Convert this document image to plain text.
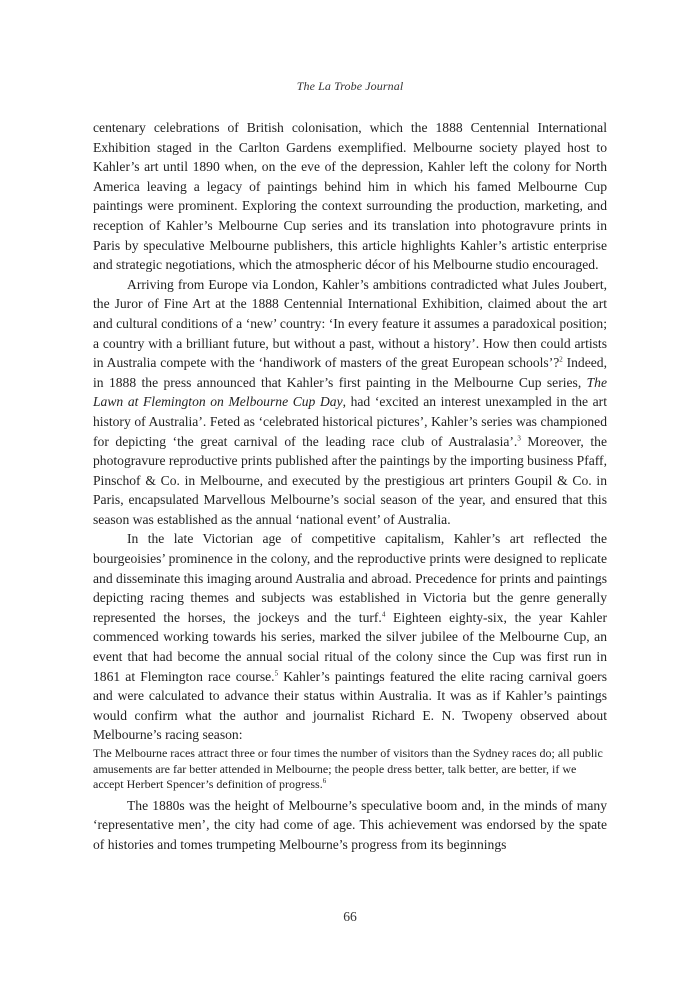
The La Trobe Journal

centenary celebrations of British colonisation, which the 1888 Centennial International Exhibition staged in the Carlton Gardens exemplified. Melbourne society played host to Kahler’s art until 1890 when, on the eve of the depression, Kahler left the colony for North America leaving a legacy of paintings behind him in which his famed Melbourne Cup paintings were prominent. Exploring the context surrounding the production, marketing, and reception of Kahler’s Melbourne Cup series and its translation into photogravure prints in Paris by speculative Melbourne publishers, this article highlights Kahler’s artistic enterprise and strategic negotiations, which the atmospheric décor of his Melbourne studio encouraged.

Arriving from Europe via London, Kahler’s ambitions contradicted what Jules Joubert, the Juror of Fine Art at the 1888 Centennial International Exhibition, claimed about the art and cultural conditions of a ‘new’ country: ‘In every feature it assumes a paradoxical position; a country with a brilliant future, but without a past, without a history’. How then could artists in Australia compete with the ‘handiwork of masters of the great European schools’?$^2$ Indeed, in 1888 the press announced that Kahler’s first painting in the Melbourne Cup series, The Lawn at Flemington on Melbourne Cup Day, had ‘excited an interest unexampled in the art history of Australia’. Feted as ‘celebrated historical pictures’, Kahler’s series was championed for depicting ‘the great carnival of the leading race club of Australasia’.$^3$ Moreover, the photogravure reproductive prints published after the paintings by the importing business Pfaff, Pinschof & Co. in Melbourne, and executed by the prestigious art printers Goupil & Co. in Paris, encapsulated Marvellous Melbourne’s social season of the year, and ensured that this season was established as the annual ‘national event’ of Australia.

In the late Victorian age of competitive capitalism, Kahler’s art reflected the bourgeoisies’ prominence in the colony, and the reproductive prints were designed to replicate and disseminate this imaging around Australia and abroad. Precedence for prints and paintings depicting racing themes and subjects was established in Victoria but the genre generally represented the horses, the jockeys and the turf.$^4$ Eighteen eighty-six, the year Kahler commenced working towards his series, marked the silver jubilee of the Melbourne Cup, an event that had become the annual social ritual of the colony since the Cup was first run in 1861 at Flemington race course.$^5$ Kahler’s paintings featured the elite racing carnival goers and were calculated to advance their status within Australia. It was as if Kahler’s paintings would confirm what the author and journalist Richard E. N. Twopeny observed about Melbourne’s racing season:

The Melbourne races attract three or four times the number of visitors than the Sydney races do; all public amusements are far better attended in Melbourne; the people dress better, talk better, are better, if we accept Herbert Spencer’s definition of progress.$^6$

The 1880s was the height of Melbourne’s speculative boom and, in the minds of many ‘representative men’, the city had come of age. This achievement was endorsed by the spate of histories and tomes trumpeting Melbourne’s progress from its beginnings

66
